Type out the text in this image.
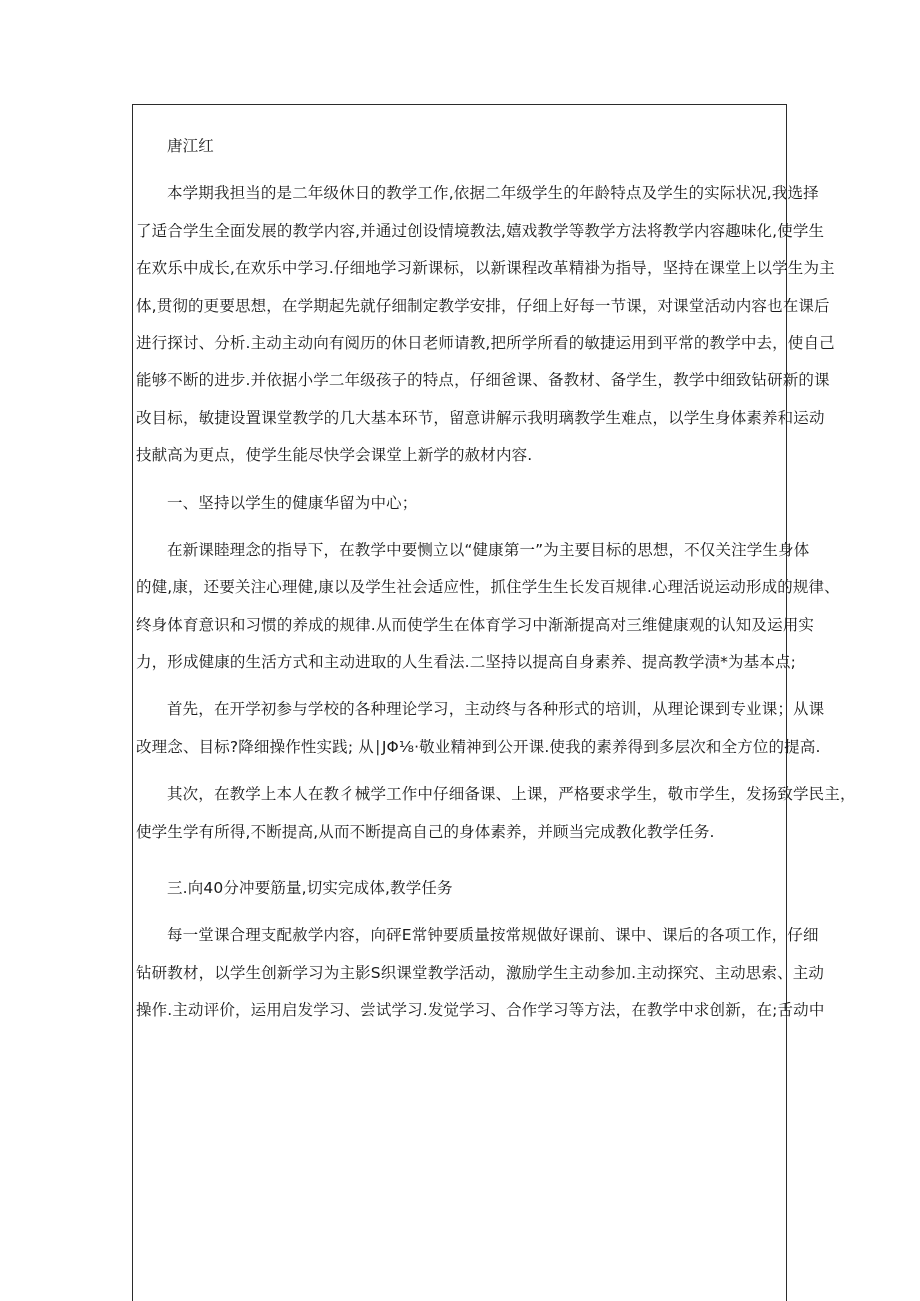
唐江红
本学期我担当的是二年级休日的教学工作,依据二年级学生的年龄特点及学生的实际状况,我选择
了适合学生全面发展的教学内容,并通过创设情境教法,嬉戏教学等教学方法将教学内容趣味化,使学生
在欢乐中成长,在欢乐中学习.仔细地学习新课标，以新课程改革精褂为指导，坚持在课堂上以学生为主
体,贯彻的更要思想，在学期起先就仔细制定教学安排，仔细上好每一节课，对课堂活动内容也在课后
进行探讨、分析.主动主动向有阅历的休日老师请教,把所学所看的敏捷运用到平常的教学中去，使自己
能够不断的进步.并依据小学二年级孩子的特点，仔细爸课、备教材、备学生，教学中细致钻研新的课
改目标，敏捷设置课堂教学的几大基本环节，留意讲解示我明璃教学生难点，以学生身体素养和运动
技献高为更点，使学生能尽快学会课堂上新学的赦材内容.
一、坚持以学生的健康华留为中心；
在新课睦理念的指导下，在教学中要恻立以“健康第一”为主要目标的思想，不仅关注学生身体
的健,康，还要关注心理健,康以及学生社会适应性，抓住学生生长发百规律.心理活说运动形成的规律、
终身体育意识和习惯的养成的规律.从而使学生在体育学习中渐渐提高对三维健康观的认知及运用实
力，形成健康的生活方式和主动进取的人生看法.二坚持以提高自身素养、提高教学渍*为基本点;
首先，在开学初参与学校的各种理论学习，主动终与各种形式的培训，从理论课到专业课；从课
改理念、目标?降细操作性实践; 从∣JΦ⅛·敬业精神到公开课.使我的素养得到多层次和全方位的提高.
其次，在教学上本人在教彳械学工作中仔细备课、上课，严格要求学生，敬市学生，发扬致学民主，
使学生学有所得,不断提高,从而不断提高自己的身体素养，并顾当完成教化教学任务.
三.向40分冲要筋量,切实完成体,教学任务
每一堂课合理支配赦学内容，向砰E常钟要质量按常规做好课前、课中、课后的各项工作，仔细
钻研教材，以学生创新学习为主影S织课堂教学活动，激励学生主动参加.主动探究、主动思索、主动
操作.主动评价，运用启发学习、尝试学习.发觉学习、合作学习等方法，在教学中求创新，在;舌动中
